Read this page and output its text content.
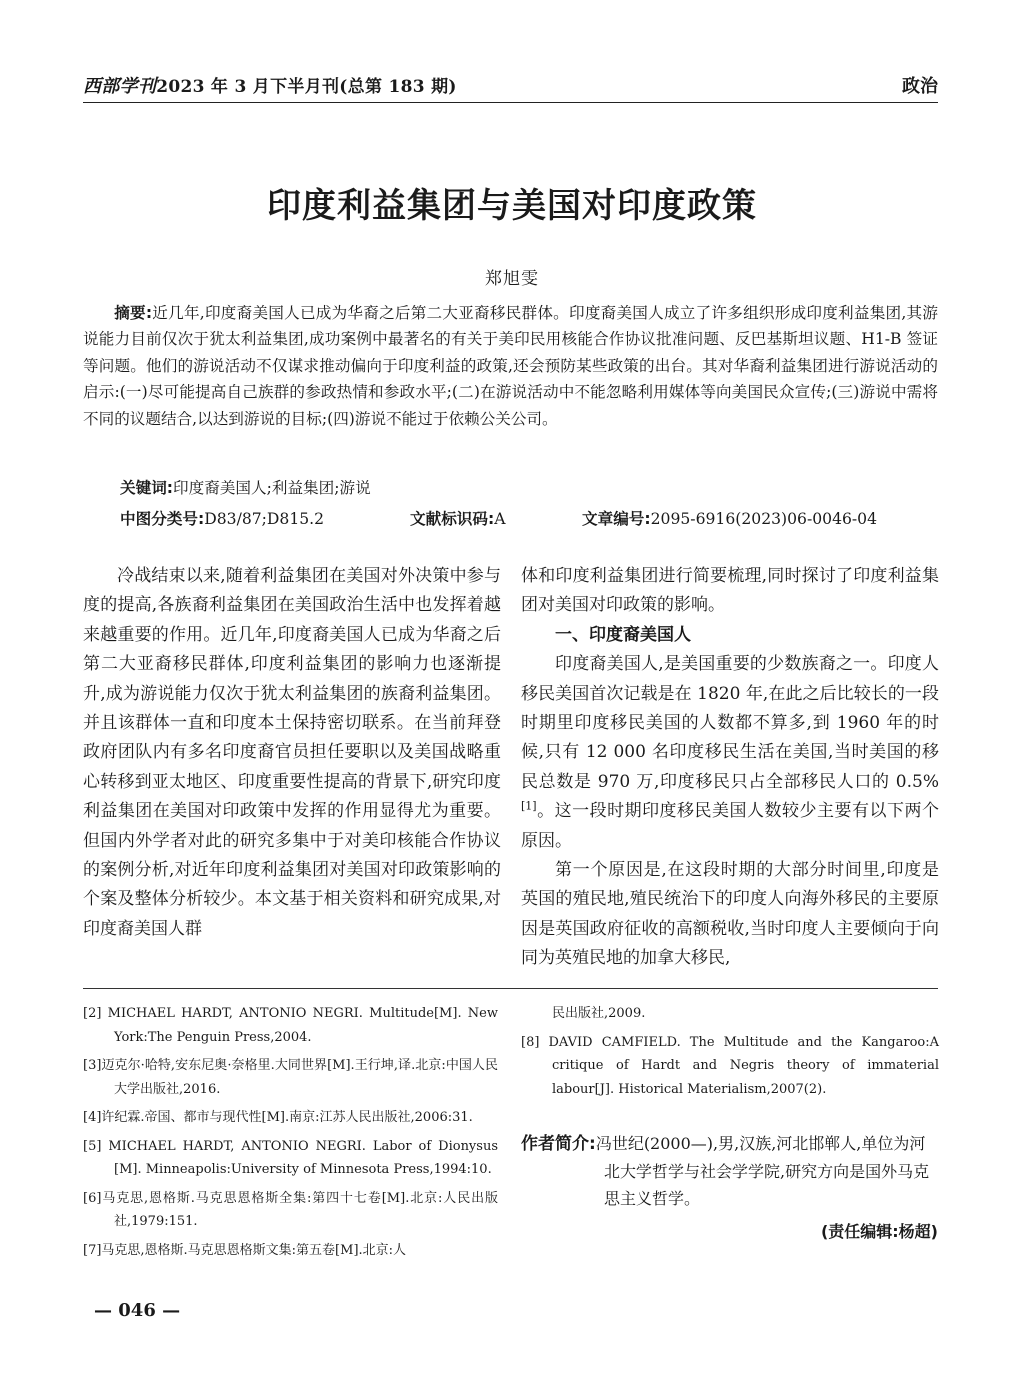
西部学刊2023 年 3 月下半月刊(总第 183 期)	政治
印度利益集团与美国对印度政策
郑旭雯

摘要:近几年,印度裔美国人已成为华裔之后第二大亚裔移民群体。印度裔美国人成立了许多组织形成印度利益集团,其游说能力目前仅次于犹太利益集团,成功案例中最著名的有关于美印民用核能合作协议批准问题、反巴基斯坦议题、H1-B 签证等问题。他们的游说活动不仅谋求推动偏向于印度利益的政策,还会预防某些政策的出台。其对华裔利益集团进行游说活动的启示:(一)尽可能提高自己族群的参政热情和参政水平;(二)在游说活动中不能忽略利用媒体等向美国民众宣传;(三)游说中需将不同的议题结合,以达到游说的目标;(四)游说不能过于依赖公关公司。

关键词:印度裔美国人;利益集团;游说
中图分类号:D83/87;D815.2	文献标识码:A	文章编号:2095-6916(2023)06-0046-04

冷战结束以来,随着利益集团在美国对外决策中参与度的提高,各族裔利益集团在美国政治生活中也发挥着越来越重要的作用。近几年,印度裔美国人已成为华裔之后第二大亚裔移民群体,印度利益集团的影响力也逐渐提升,成为游说能力仅次于犹太利益集团的族裔利益集团。并且该群体一直和印度本土保持密切联系。在当前拜登政府团队内有多名印度裔官员担任要职以及美国战略重心转移到亚太地区、印度重要性提高的背景下,研究印度利益集团在美国对印政策中发挥的作用显得尤为重要。但国内外学者对此的研究多集中于对美印核能合作协议的案例分析,对近年印度利益集团对美国对印政策影响的个案及整体分析较少。本文基于相关资料和研究成果,对印度裔美国人群

体和印度利益集团进行简要梳理,同时探讨了印度利益集团对美国对印政策的影响。

一、印度裔美国人

印度裔美国人,是美国重要的少数族裔之一。印度人移民美国首次记载是在 1820 年,在此之后比较长的一段时期里印度移民美国的人数都不算多,到 1960 年的时候,只有 12 000 名印度移民生活在美国,当时美国的移民总数是 970 万,印度移民只占全部移民人口的 0.5%[1]。这一段时期印度移民美国人数较少主要有以下两个原因。

第一个原因是,在这段时期的大部分时间里,印度是英国的殖民地,殖民统治下的印度人向海外移民的主要原因是英国政府征收的高额税收,当时印度人主要倾向于向同为英殖民地的加拿大移民,

[2] MICHAEL HARDT, ANTONIO NEGRI. Multitude[M]. New York:The Penguin Press,2004.

[3]迈克尔·哈特,安东尼奥·奈格里.大同世界[M].王行坤,译.北京:中国人民大学出版社,2016.

[4]许纪霖.帝国、都市与现代性[M].南京:江苏人民出版社,2006:31.

[5] MICHAEL HARDT, ANTONIO NEGRI. Labor of Dionysus [M]. Minneapolis:University of Minnesota Press,1994:10.

[6]马克思,恩格斯.马克思恩格斯全集:第四十七卷[M].北京:人民出版社,1979:151.

[7]马克思,恩格斯.马克思恩格斯文集:第五卷[M].北京:人

民出版社,2009.

[8] DAVID CAMFIELD. The Multitude and the Kangaroo:A critique of Hardt and Negris theory of immaterial labour[J]. Historical Materialism,2007(2).

作者简介:冯世纪(2000—),男,汉族,河北邯郸人,单位为河北大学哲学与社会学学院,研究方向是国外马克思主义哲学。

(责任编辑:杨超)
— 046 —
